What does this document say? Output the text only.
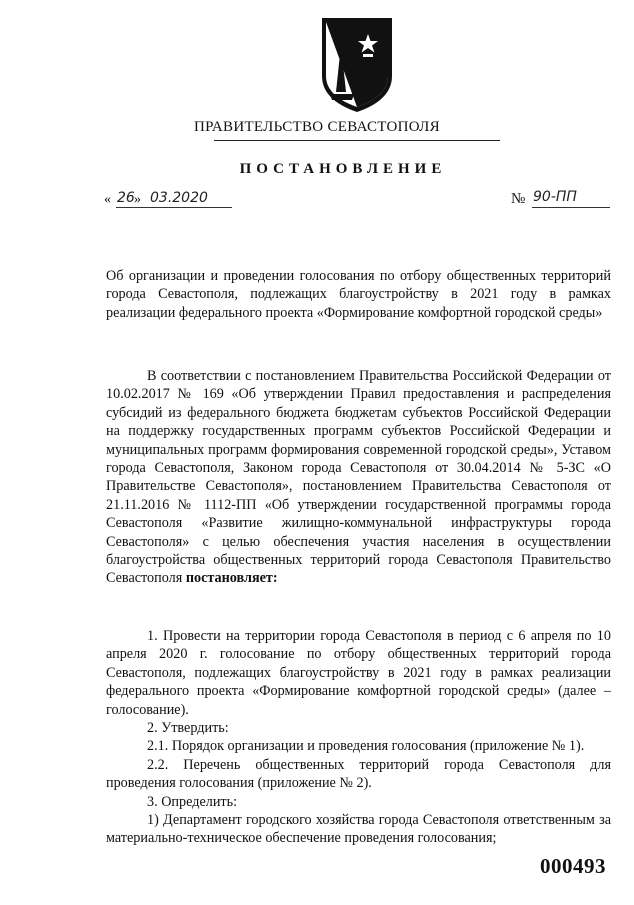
ПРАВИТЕЛЬСТВО СЕВАСТОПОЛЯ
ПОСТАНОВЛЕНИЕ
« 26 » 03.2020	№ 90-ПП
Об организации и проведении голосования по отбору общественных территорий города Севастополя, подлежащих благоустройству в 2021 году в рамках реализации федерального проекта «Формирование комфортной городской среды»
В соответствии с постановлением Правительства Российской Федерации от 10.02.2017 № 169 «Об утверждении Правил предоставления и распределения субсидий из федерального бюджета бюджетам субъектов Российской Федерации на поддержку государственных программ субъектов Российской Федерации и муниципальных программ формирования современной городской среды», Уставом города Севастополя, Законом города Севастополя от 30.04.2014 № 5-ЗС «О Правительстве Севастополя», постановлением Правительства Севастополя от 21.11.2016 № 1112-ПП «Об утверждении государственной программы города Севастополя «Развитие жилищно-коммунальной инфраструктуры города Севастополя» с целью обеспечения участия населения в осуществлении благоустройства общественных территорий города Севастополя Правительство Севастополя постановляет:

1. Провести на территории города Севастополя в период с 6 апреля по 10 апреля 2020 г. голосование по отбору общественных территорий города Севастополя, подлежащих благоустройству в 2021 году в рамках реализации федерального проекта «Формирование комфортной городской среды» (далее – голосование).

2. Утвердить:

2.1. Порядок организации и проведения голосования (приложение № 1).

2.2. Перечень общественных территорий города Севастополя для проведения голосования (приложение № 2).

3. Определить:

1) Департамент городского хозяйства города Севастополя ответственным за материально-техническое обеспечение проведения голосования;

000493
